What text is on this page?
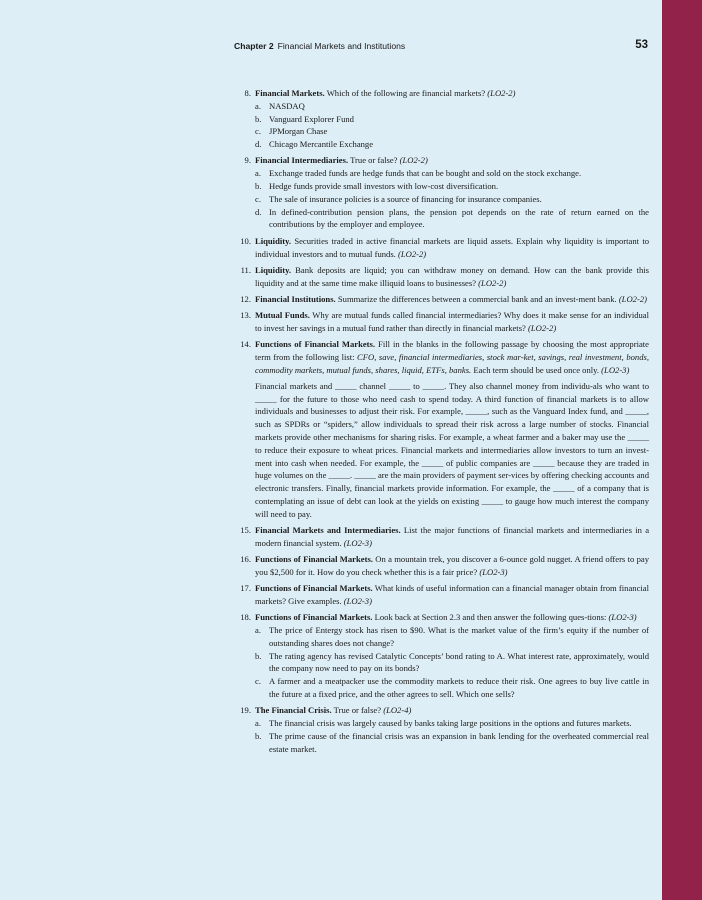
Chapter 2 Financial Markets and Institutions	53
8. Financial Markets. Which of the following are financial markets? (LO2-2)
a. NASDAQ
b. Vanguard Explorer Fund
c. JPMorgan Chase
d. Chicago Mercantile Exchange
9. Financial Intermediaries. True or false? (LO2-2)
a. Exchange traded funds are hedge funds that can be bought and sold on the stock exchange.
b. Hedge funds provide small investors with low-cost diversification.
c. The sale of insurance policies is a source of financing for insurance companies.
d. In defined-contribution pension plans, the pension pot depends on the rate of return earned on the contributions by the employer and employee.
10. Liquidity. Securities traded in active financial markets are liquid assets. Explain why liquidity is important to individual investors and to mutual funds. (LO2-2)
11. Liquidity. Bank deposits are liquid; you can withdraw money on demand. How can the bank provide this liquidity and at the same time make illiquid loans to businesses? (LO2-2)
12. Financial Institutions. Summarize the differences between a commercial bank and an invest-ment bank. (LO2-2)
13. Mutual Funds. Why are mutual funds called financial intermediaries? Why does it make sense for an individual to invest her savings in a mutual fund rather than directly in financial markets? (LO2-2)
14. Functions of Financial Markets. Fill in the blanks in the following passage by choosing the most appropriate term from the following list: CFO, save, financial intermediaries, stock mar-ket, savings, real investment, bonds, commodity markets, mutual funds, shares, liquid, ETFs, banks. Each term should be used once only. (LO2-3)
Financial markets and _____ channel _____ to _____. They also channel money from individu-als who want to _____ for the future to those who need cash to spend today. A third function of financial markets is to allow individuals and businesses to adjust their risk. For example, _____, such as the Vanguard Index fund, and _____, such as SPDRs or “spiders,” allow individuals to spread their risk across a large number of stocks. Financial markets provide other mechanisms for sharing risks. For example, a wheat farmer and a baker may use the _____ to reduce their exposure to wheat prices. Financial markets and intermediaries allow investors to turn an invest-ment into cash when needed. For example, the _____ of public companies are _____ because they are traded in huge volumes on the _____. _____ are the main providers of payment ser-vices by offering checking accounts and electronic transfers. Finally, financial markets provide information. For example, the _____ of a company that is contemplating an issue of debt can look at the yields on existing _____ to gauge how much interest the company will need to pay.
15. Financial Markets and Intermediaries. List the major functions of financial markets and intermediaries in a modern financial system. (LO2-3)
16. Functions of Financial Markets. On a mountain trek, you discover a 6-ounce gold nugget. A friend offers to pay you $2,500 for it. How do you check whether this is a fair price? (LO2-3)
17. Functions of Financial Markets. What kinds of useful information can a financial manager obtain from financial markets? Give examples. (LO2-3)
18. Functions of Financial Markets. Look back at Section 2.3 and then answer the following ques-tions: (LO2-3)
a. The price of Entergy stock has risen to $90. What is the market value of the firm’s equity if the number of outstanding shares does not change?
b. The rating agency has revised Catalytic Concepts’ bond rating to A. What interest rate, approximately, would the company now need to pay on its bonds?
c. A farmer and a meatpacker use the commodity markets to reduce their risk. One agrees to buy live cattle in the future at a fixed price, and the other agrees to sell. Which one sells?
19. The Financial Crisis. True or false? (LO2-4)
a. The financial crisis was largely caused by banks taking large positions in the options and futures markets.
b. The prime cause of the financial crisis was an expansion in bank lending for the overheated commercial real estate market.
